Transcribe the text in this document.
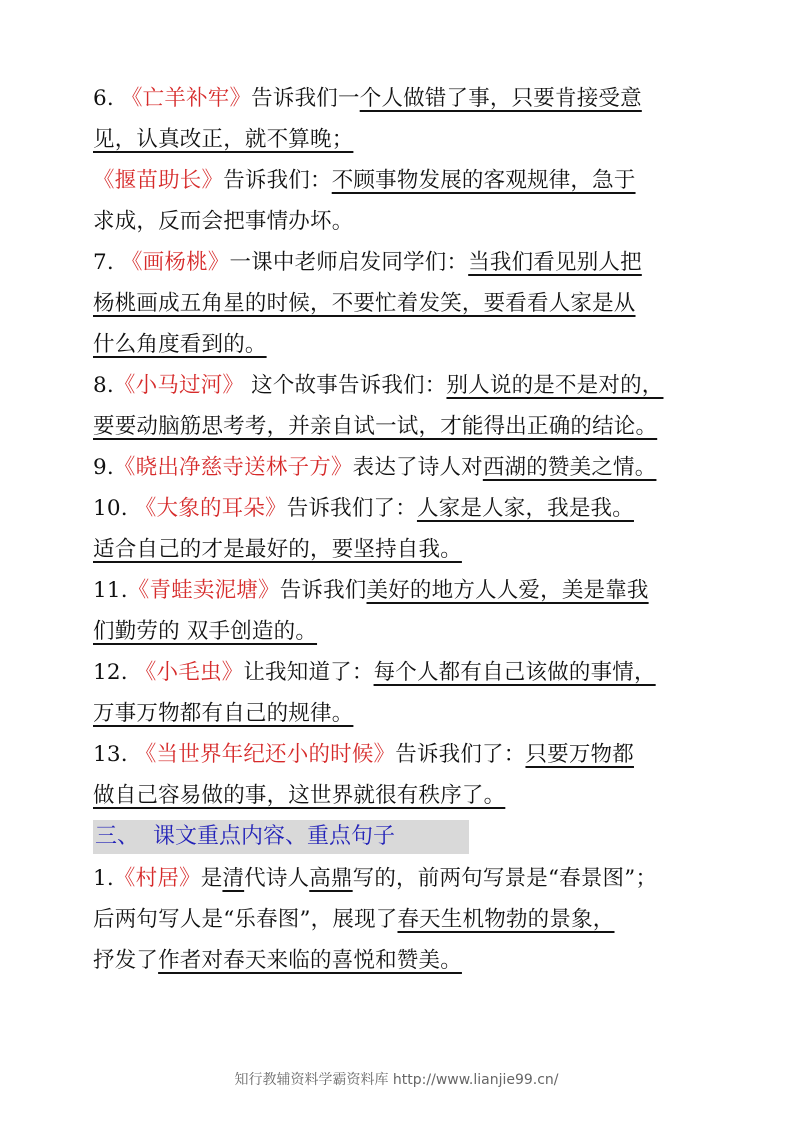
6. 《亡羊补牢》告诉我们一个人做错了事，只要肯接受意
见，认真改正，就不算晚；
《揠苗助长》告诉我们：不顾事物发展的客观规律，急于
求成，反而会把事情办坏。
7. 《画杨桃》一课中老师启发同学们：当我们看见别人把
杨桃画成五角星的时候，不要忙着发笑，要看看人家是从
什么角度看到的。
8.《小马过河》 这个故事告诉我们：别人说的是不是对的，
要要动脑筋思考考，并亲自试一试，才能得出正确的结论。
9.《晓出净慈寺送林子方》表达了诗人对西湖的赞美之情。
10. 《大象的耳朵》告诉我们了：人家是人家，我是我。
适合自己的才是最好的，要坚持自我。
11.《青蛙卖泥塘》告诉我们美好的地方人人爱，美是靠我
们勤劳的 双手创造的。
12. 《小毛虫》让我知道了：每个人都有自己该做的事情，
万事万物都有自己的规律。
13. 《当世界年纪还小的时候》告诉我们了：只要万物都
做自己容易做的事，这世界就很有秩序了。
三、  课文重点内容、重点句子
1.《村居》是清代诗人高鼎写的，前两句写景是“春景图”；
后两句写人是“乐春图”，展现了春天生机物勃的景象，
抒发了作者对春天来临的喜悦和赞美。
知行教辅资料学霸资料库 http://www.lianjie99.cn/
